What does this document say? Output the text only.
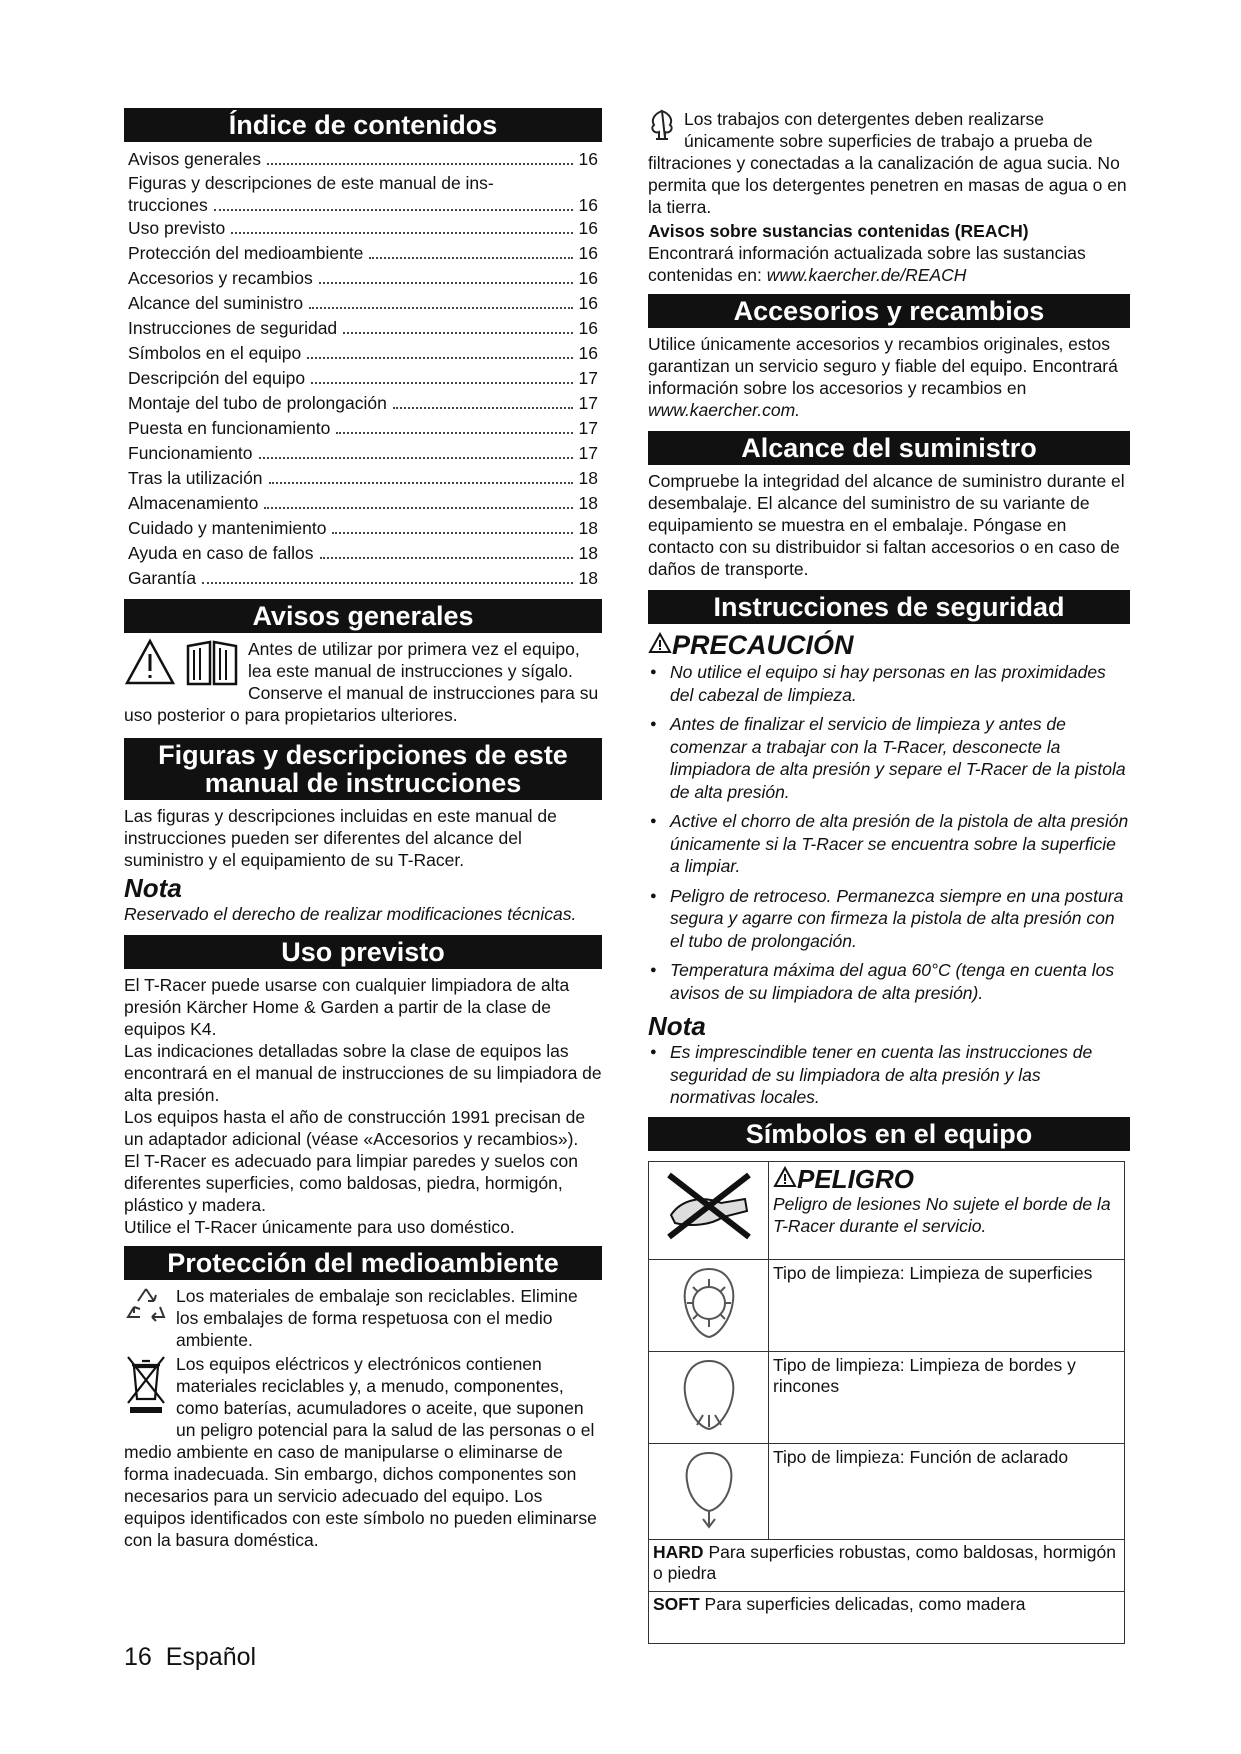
Índice de contenidos
Avisos generales	16
Figuras y descripciones de este manual de ins-
trucciones	16
Uso previsto	16
Protección del medioambiente	16
Accesorios y recambios	16
Alcance del suministro	16
Instrucciones de seguridad	16
Símbolos en el equipo	16
Descripción del equipo	17
Montaje del tubo de prolongación	17
Puesta en funcionamiento	17
Funcionamiento	17
Tras la utilización	18
Almacenamiento	18
Cuidado y mantenimiento	18
Ayuda en caso de fallos	18
Garantía	18
Avisos generales

Antes de utilizar por primera vez el equipo, lea este manual de instrucciones y sígalo. Conserve el manual de instrucciones para su uso posterior o para propietarios ulteriores.

Figuras y descripciones de este
manual de instrucciones

Las figuras y descripciones incluidas en este manual de instrucciones pueden ser diferentes del alcance del suministro y el equipamiento de su T-Racer.

Nota

Reservado el derecho de realizar modificaciones técnicas.

Uso previsto

El T-Racer puede usarse con cualquier limpiadora de alta presión Kärcher Home & Garden a partir de la clase de equipos K4.

Las indicaciones detalladas sobre la clase de equipos las encontrará en el manual de instrucciones de su limpiadora de alta presión.

Los equipos hasta el año de construcción 1991 precisan de un adaptador adicional (véase «Accesorios y recambios»).

El T-Racer es adecuado para limpiar paredes y suelos con diferentes superficies, como baldosas, piedra, hormigón, plástico y madera.

Utilice el T-Racer únicamente para uso doméstico.

Protección del medioambiente

Los materiales de embalaje son reciclables. Elimine los embalajes de forma respetuosa con el medio ambiente.

Los equipos eléctricos y electrónicos contienen materiales reciclables y, a menudo, componentes, como baterías, acumuladores o aceite, que suponen un peligro potencial para la salud de las personas o el medio ambiente en caso de manipularse o eliminarse de forma inadecuada. Sin embargo, dichos componentes son necesarios para un servicio adecuado del equipo. Los equipos identificados con este símbolo no pueden eliminarse con la basura doméstica.

Los trabajos con detergentes deben realizarse únicamente sobre superficies de trabajo a prueba de filtraciones y conectadas a la canalización de agua sucia. No permita que los detergentes penetren en masas de agua o en la tierra.

Avisos sobre sustancias contenidas (REACH)

Encontrará información actualizada sobre las sustancias contenidas en: www.kaercher.de/REACH

Accesorios y recambios

Utilice únicamente accesorios y recambios originales, estos garantizan un servicio seguro y fiable del equipo. Encontrará información sobre los accesorios y recambios en www.kaercher.com.

Alcance del suministro

Compruebe la integridad del alcance de suministro durante el desembalaje. El alcance del suministro de su variante de equipamiento se muestra en el embalaje. Póngase en contacto con su distribuidor si faltan accesorios o en caso de daños de transporte.

Instrucciones de seguridad
PRECAUCIÓN
● No utilice el equipo si hay personas en las proximidades del cabezal de limpieza.
● Antes de finalizar el servicio de limpieza y antes de comenzar a trabajar con la T-Racer, desconecte la limpiadora de alta presión y separe el T-Racer de la pistola de alta presión.
● Active el chorro de alta presión de la pistola de alta presión únicamente si la T-Racer se encuentra sobre la superficie a limpiar.
● Peligro de retroceso. Permanezca siempre en una postura segura y agarre con firmeza la pistola de alta presión con el tubo de prolongación.
● Temperatura máxima del agua 60°C (tenga en cuenta los avisos de su limpiadora de alta presión).
Nota
● Es imprescindible tener en cuenta las instrucciones de seguridad de su limpiadora de alta presión y las normativas locales.
Símbolos en el equipo

PELIGRO
Peligro de lesiones No sujete el borde de la T-Racer durante el servicio.

	Tipo de limpieza: Limpieza de superficies
	Tipo de limpieza: Limpieza de bordes y rincones
	Tipo de limpieza: Función de aclarado
HARD Para superficies robustas, como baldosas, hormigón o piedra	
SOFT Para superficies delicadas, como madera	
16 Español
